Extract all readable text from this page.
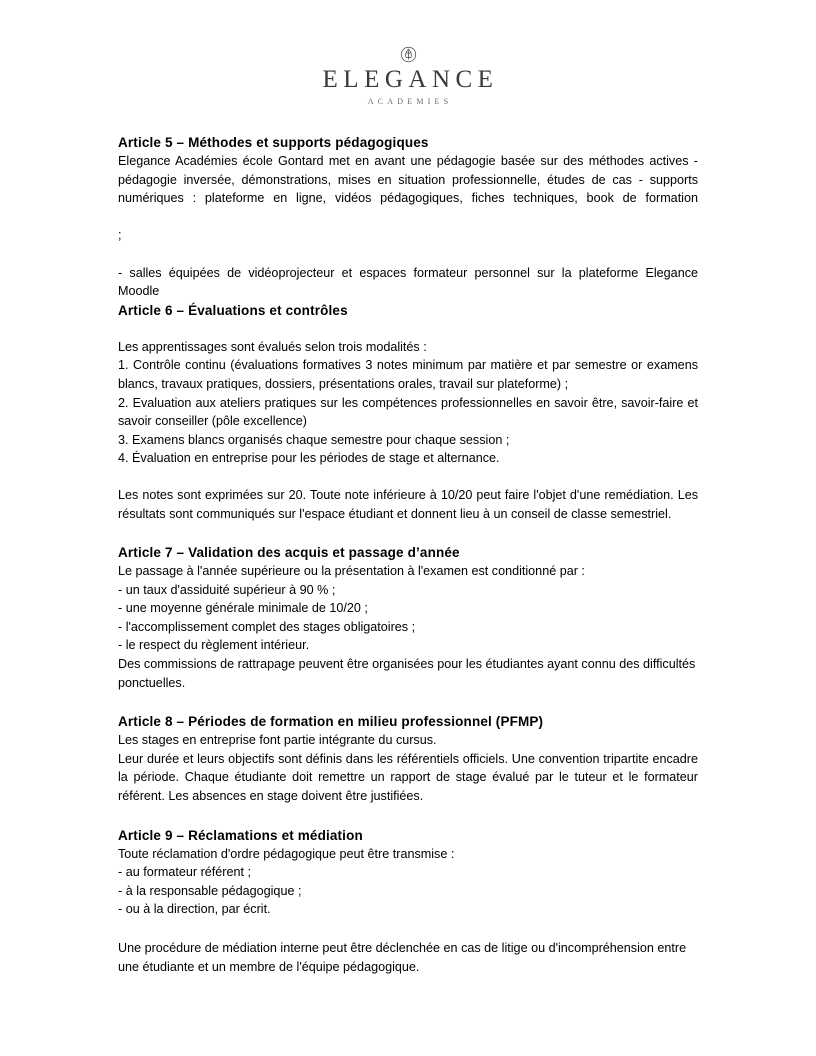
ELEGANCE
ACADEMIES
Article 5 – Méthodes et supports pédagogiques

Elegance Académies école Gontard met en avant une pédagogie basée sur des méthodes actives - pédagogie inversée, démonstrations, mises en situation professionnelle, études de cas - supports numériques : plateforme en ligne, vidéos pédagogiques, fiches techniques, book de formation

;

- salles équipées de vidéoprojecteur et espaces formateur personnel sur la plateforme Elegance Moodle

Article 6 – Évaluations et contrôles

Les apprentissages sont évalués selon trois modalités :

1. Contrôle continu (évaluations formatives 3 notes minimum par matière et par semestre or examens blancs, travaux pratiques, dossiers, présentations orales, travail sur plateforme) ;

2. Evaluation aux ateliers pratiques sur les compétences professionnelles en savoir être, savoir-faire et savoir conseiller (pôle excellence)

3. Examens blancs organisés chaque semestre pour chaque session ;

4. Évaluation en entreprise pour les périodes de stage et alternance.

Les notes sont exprimées sur 20. Toute note inférieure à 10/20 peut faire l'objet d'une remédiation. Les résultats sont communiqués sur l'espace étudiant et donnent lieu à un conseil de classe semestriel.

Article 7 – Validation des acquis et passage d’année

Le passage à l'année supérieure ou la présentation à l'examen est conditionné par :

- un taux d'assiduité supérieur à 90 % ;

- une moyenne générale minimale de 10/20 ;

- l'accomplissement complet des stages obligatoires ;

- le respect du règlement intérieur.

Des commissions de rattrapage peuvent être organisées pour les étudiantes ayant connu des difficultés ponctuelles.

Article 8 – Périodes de formation en milieu professionnel (PFMP)

Les stages en entreprise font partie intégrante du cursus.

Leur durée et leurs objectifs sont définis dans les référentiels officiels. Une convention tripartite encadre la période. Chaque étudiante doit remettre un rapport de stage évalué par le tuteur et le formateur référent. Les absences en stage doivent être justifiées.

Article 9 – Réclamations et médiation

Toute réclamation d'ordre pédagogique peut être transmise :

- au formateur référent ;

- à la responsable pédagogique ;

- ou à la direction, par écrit.

Une procédure de médiation interne peut être déclenchée en cas de litige ou d'incompréhension entre une étudiante et un membre de l'équipe pédagogique.
